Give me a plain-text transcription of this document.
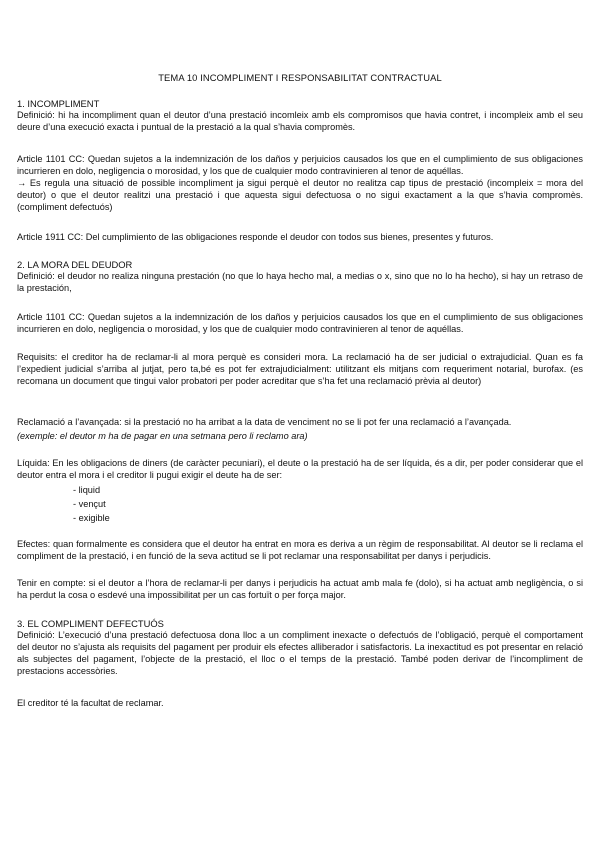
TEMA 10 INCOMPLIMENT I RESPONSABILITAT CONTRACTUAL

1. INCOMPLIMENT

Definició: hi ha incompliment quan el deutor d’una prestació incomleix amb els compromisos que havia contret, i incompleix amb el seu deure d’una execució exacta i puntual de la prestació a la qual s’havia compromès.

Article 1101 CC: Quedan sujetos a la indemnización de los daños y perjuicios causados los que en el cumplimiento de sus obligaciones incurrieren en dolo, negligencia o morosidad, y los que de cualquier modo contravinieren al tenor de aquéllas.

→ Es regula una situació de possible incompliment ja sigui perquè el deutor no realitza cap tipus de prestació (incompleix = mora del deutor) o que el deutor realitzi una prestació i que aquesta sigui defectuosa o no sigui exactament a la que s’havia compromès. (compliment defectuós)

Article 1911 CC: Del cumplimiento de las obligaciones responde el deudor con todos sus bienes, presentes y futuros.

2. LA MORA DEL DEUDOR

Definició: el deudor no realiza ninguna prestación (no que lo haya hecho mal, a medias o x, sino que no lo ha hecho), si hay un retraso de la prestación,

Article 1101 CC: Quedan sujetos a la indemnización de los daños y perjuicios causados los que en el cumplimiento de sus obligaciones incurrieren en dolo, negligencia o morosidad, y los que de cualquier modo contravinieren al tenor de aquéllas.

Requisits: el creditor ha de reclamar-li al mora perquè es consideri mora. La reclamació ha de ser judicial o extrajudicial. Quan es fa l’expedient judicial s’arriba al jutjat, pero ta,bé es pot fer extrajudicialment: utilitzant els mitjans com requeriment notarial, burofax. (es recomana un document que tingui valor probatori per poder acreditar que s’ha fet una reclamació prèvia al deutor)

Reclamació a l’avançada: si la prestació no ha arribat a la data de venciment no se li pot fer una reclamació a l’avançada.

(exemple: el deutor m ha de pagar en una setmana pero li reclamo ara)

Líquida: En les obligacions de diners (de caràcter pecuniari), el deute o la prestació ha de ser líquida, és a dir, per poder considerar que el deutor entra el mora i el creditor li pugui exigir el deute ha de ser:

- liquid

- vençut

- exigible

Efectes: quan formalmente es considera que el deutor ha entrat en mora es deriva a un règim de responsabilitat. Al deutor se li reclama el compliment de la prestació, i en funció de la seva actitud se li pot reclamar una responsabilitat per danys i perjudicis.

Tenir en compte: si el deutor a l’hora de reclamar-li per danys i perjudicis ha actuat amb mala fe (dolo), si ha actuat amb negligència, o si ha perdut la cosa o esdevé una impossibilitat per un cas fortuït o per força major.

3. EL COMPLIMENT DEFECTUÓS

Definició: L’execució d’una prestació defectuosa dona lloc a un compliment inexacte o defectuós de l’obligació, perquè el comportament del deutor no s’ajusta als requisits del pagament per produir els efectes alliberador i satisfactoris. La inexactitud es pot presentar en relació als subjectes del pagament, l’objecte de la prestació, el lloc o el temps de la prestació. També poden derivar de l’incompliment de prestacions accessòries.

El creditor té la facultat de reclamar.
